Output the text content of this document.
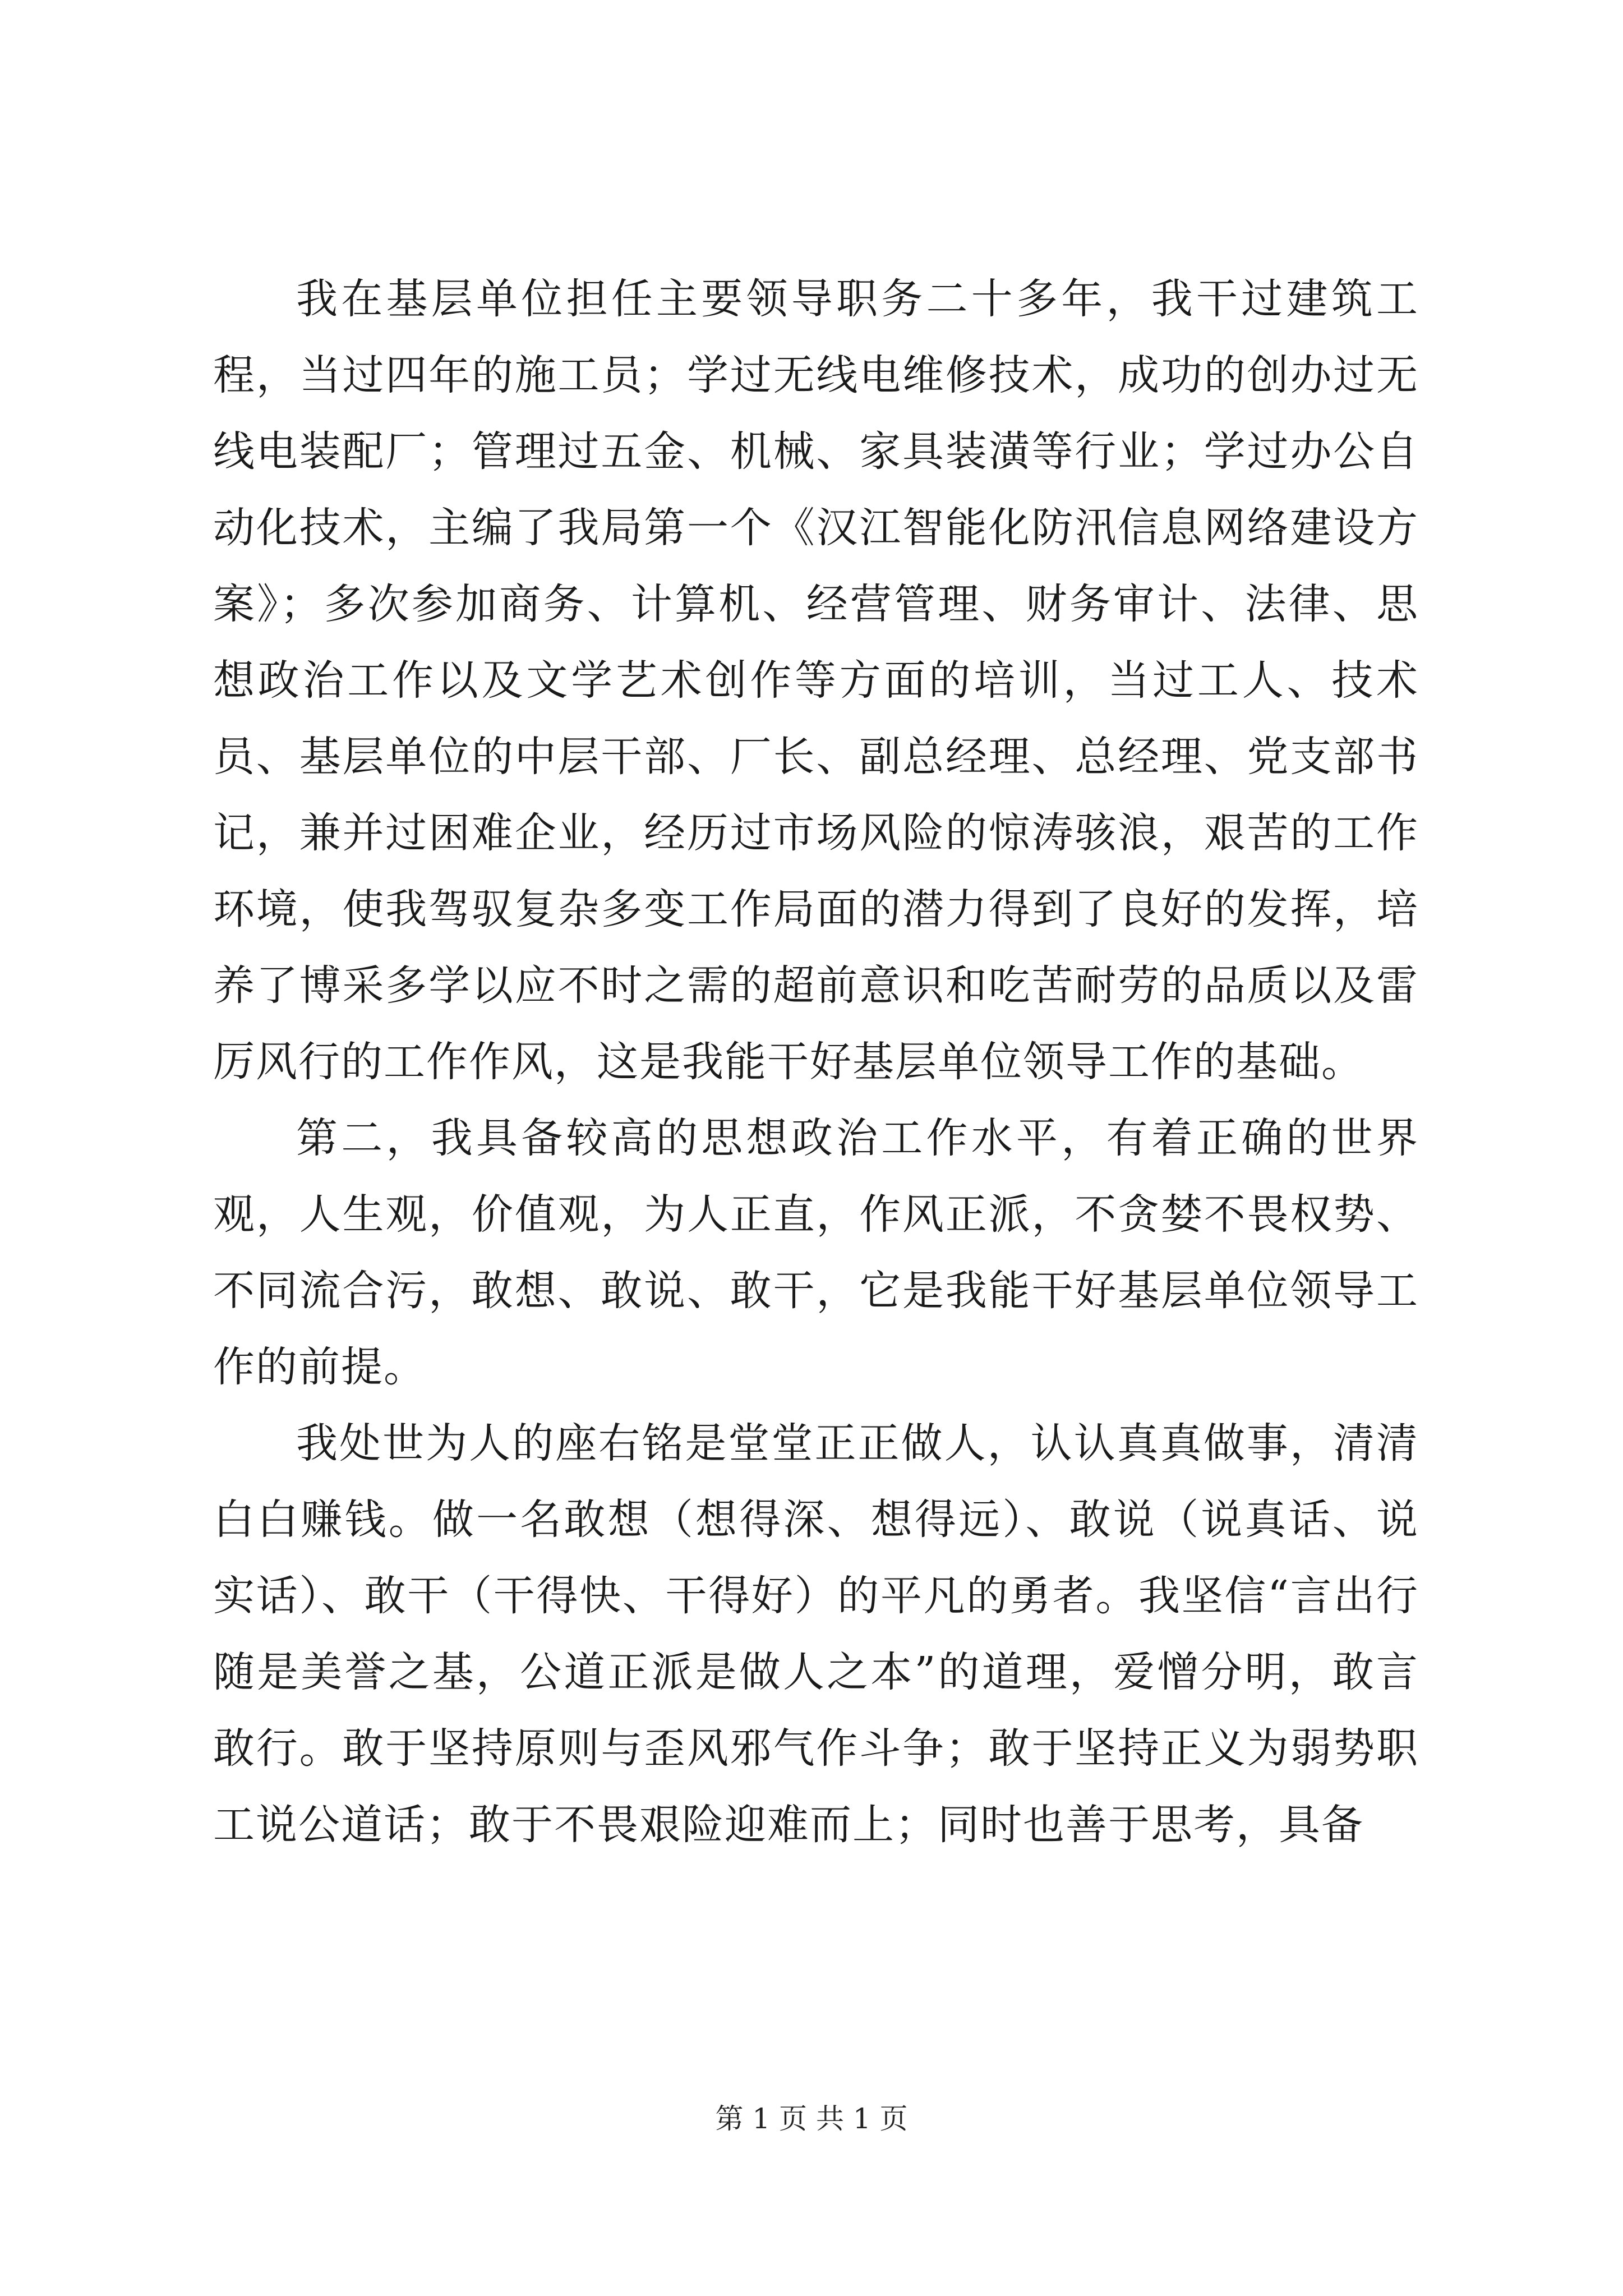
我在基层单位担任主要领导职务二十多年，我干过建筑工程，当过四年的施工员；学过无线电维修技术，成功的创办过无线电装配厂；管理过五金、机械、家具装潢等行业；学过办公自动化技术，主编了我局第一个《汉江智能化防汛信息网络建设方案》；多次参加商务、计算机、经营管理、财务审计、法律、思想政治工作以及文学艺术创作等方面的培训，当过工人、技术员、基层单位的中层干部、厂长、副总经理、总经理、党支部书记，兼并过困难企业，经历过市场风险的惊涛骇浪，艰苦的工作环境，使我驾驭复杂多变工作局面的潜力得到了良好的发挥，培养了博采多学以应不时之需的超前意识和吃苦耐劳的品质以及雷厉风行的工作作风，这是我能干好基层单位领导工作的基础。

第二，我具备较高的思想政治工作水平，有着正确的世界观，人生观，价值观，为人正直，作风正派，不贪婪不畏权势、不同流合污，敢想、敢说、敢干，它是我能干好基层单位领导工作的前提。

我处世为人的座右铭是堂堂正正做人，认认真真做事，清清白白赚钱。做一名敢想（想得深、想得远）、敢说（说真话、说实话）、敢干（干得快、干得好）的平凡的勇者。我坚信“言出行随是美誉之基，公道正派是做人之本”的道理，爱憎分明，敢言敢行。敢于坚持原则与歪风邪气作斗争；敢于坚持正义为弱势职工说公道话；敢于不畏艰险迎难而上；同时也善于思考，具备

第 1 页 共 1 页
